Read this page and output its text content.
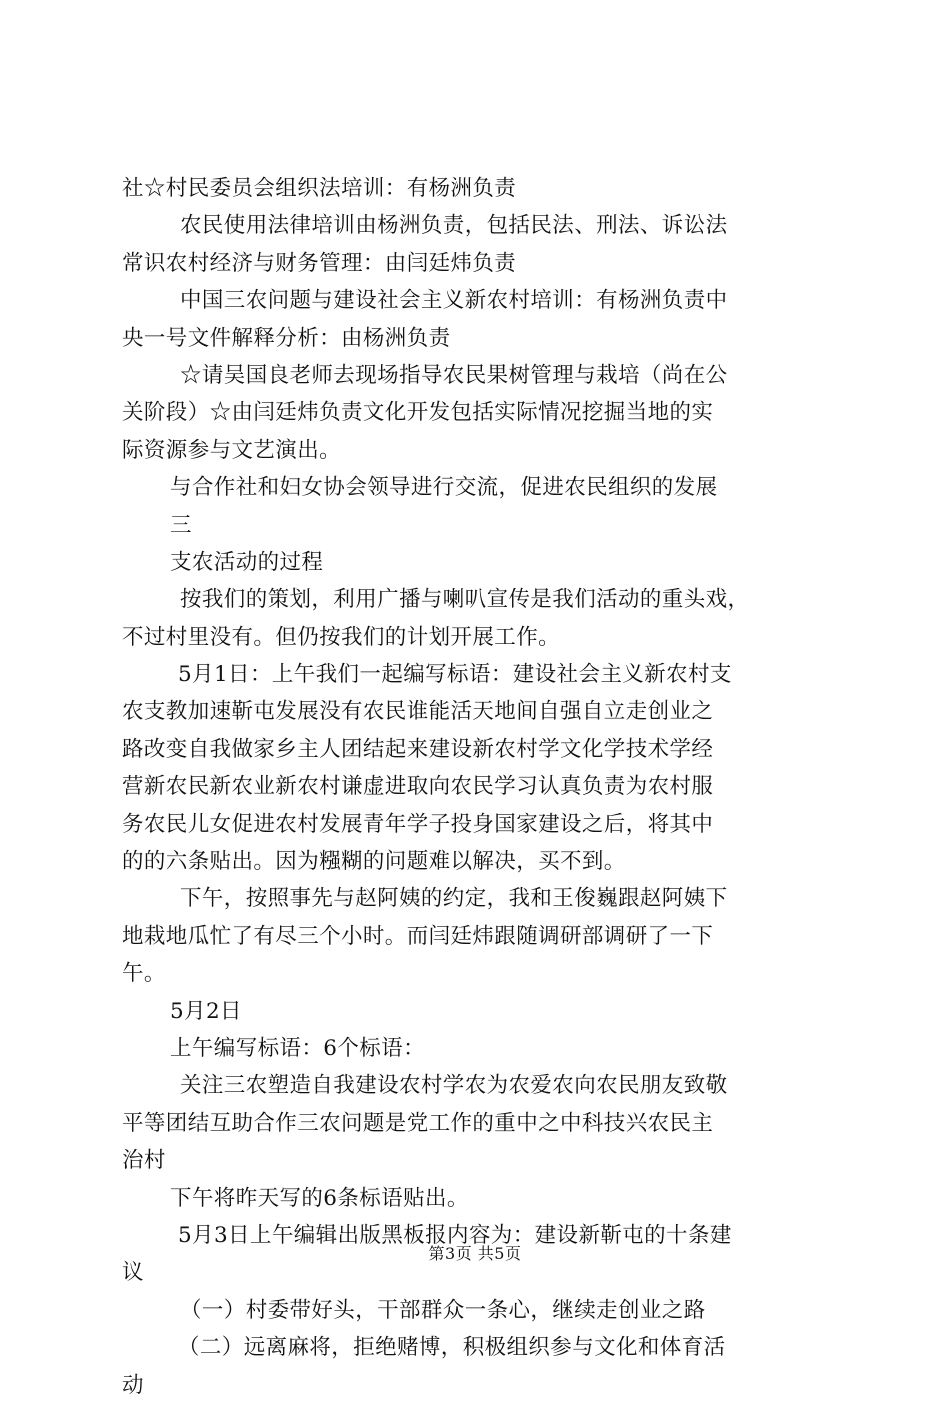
社☆村民委员会组织法培训：有杨洲负责
农民使用法律培训由杨洲负责，包括民法、刑法、诉讼法
常识农村经济与财务管理：由闫廷炜负责
中国三农问题与建设社会主义新农村培训：有杨洲负责中
央一号文件解释分析：由杨洲负责
☆请吴国良老师去现场指导农民果树管理与栽培（尚在公
关阶段）☆由闫廷炜负责文化开发包括实际情况挖掘当地的实
际资源参与文艺演出。
与合作社和妇女协会领导进行交流，促进农民组织的发展
三
支农活动的过程
按我们的策划，利用广播与喇叭宣传是我们活动的重头戏，
不过村里没有。但仍按我们的计划开展工作。
5月1日：上午我们一起编写标语：建设社会主义新农村支
农支教加速靳屯发展没有农民谁能活天地间自强自立走创业之
路改变自我做家乡主人团结起来建设新农村学文化学技术学经
营新农民新农业新农村谦虚进取向农民学习认真负责为农村服
务农民儿女促进农村发展青年学子投身国家建设之后，将其中
的的六条贴出。因为糨糊的问题难以解决，买不到。
下午，按照事先与赵阿姨的约定，我和王俊巍跟赵阿姨下
地栽地瓜忙了有尽三个小时。而闫廷炜跟随调研部调研了一下
午。
5月2日
上午编写标语：6个标语：
关注三农塑造自我建设农村学农为农爱农向农民朋友致敬
平等团结互助合作三农问题是党工作的重中之中科技兴农民主
治村
下午将昨天写的6条标语贴出。
5月3日上午编辑出版黑板报内容为：建设新靳屯的十条建
议
（一）村委带好头，干部群众一条心，继续走创业之路
（二）远离麻将，拒绝赌博，积极组织参与文化和体育活
动
第3页 共5页
